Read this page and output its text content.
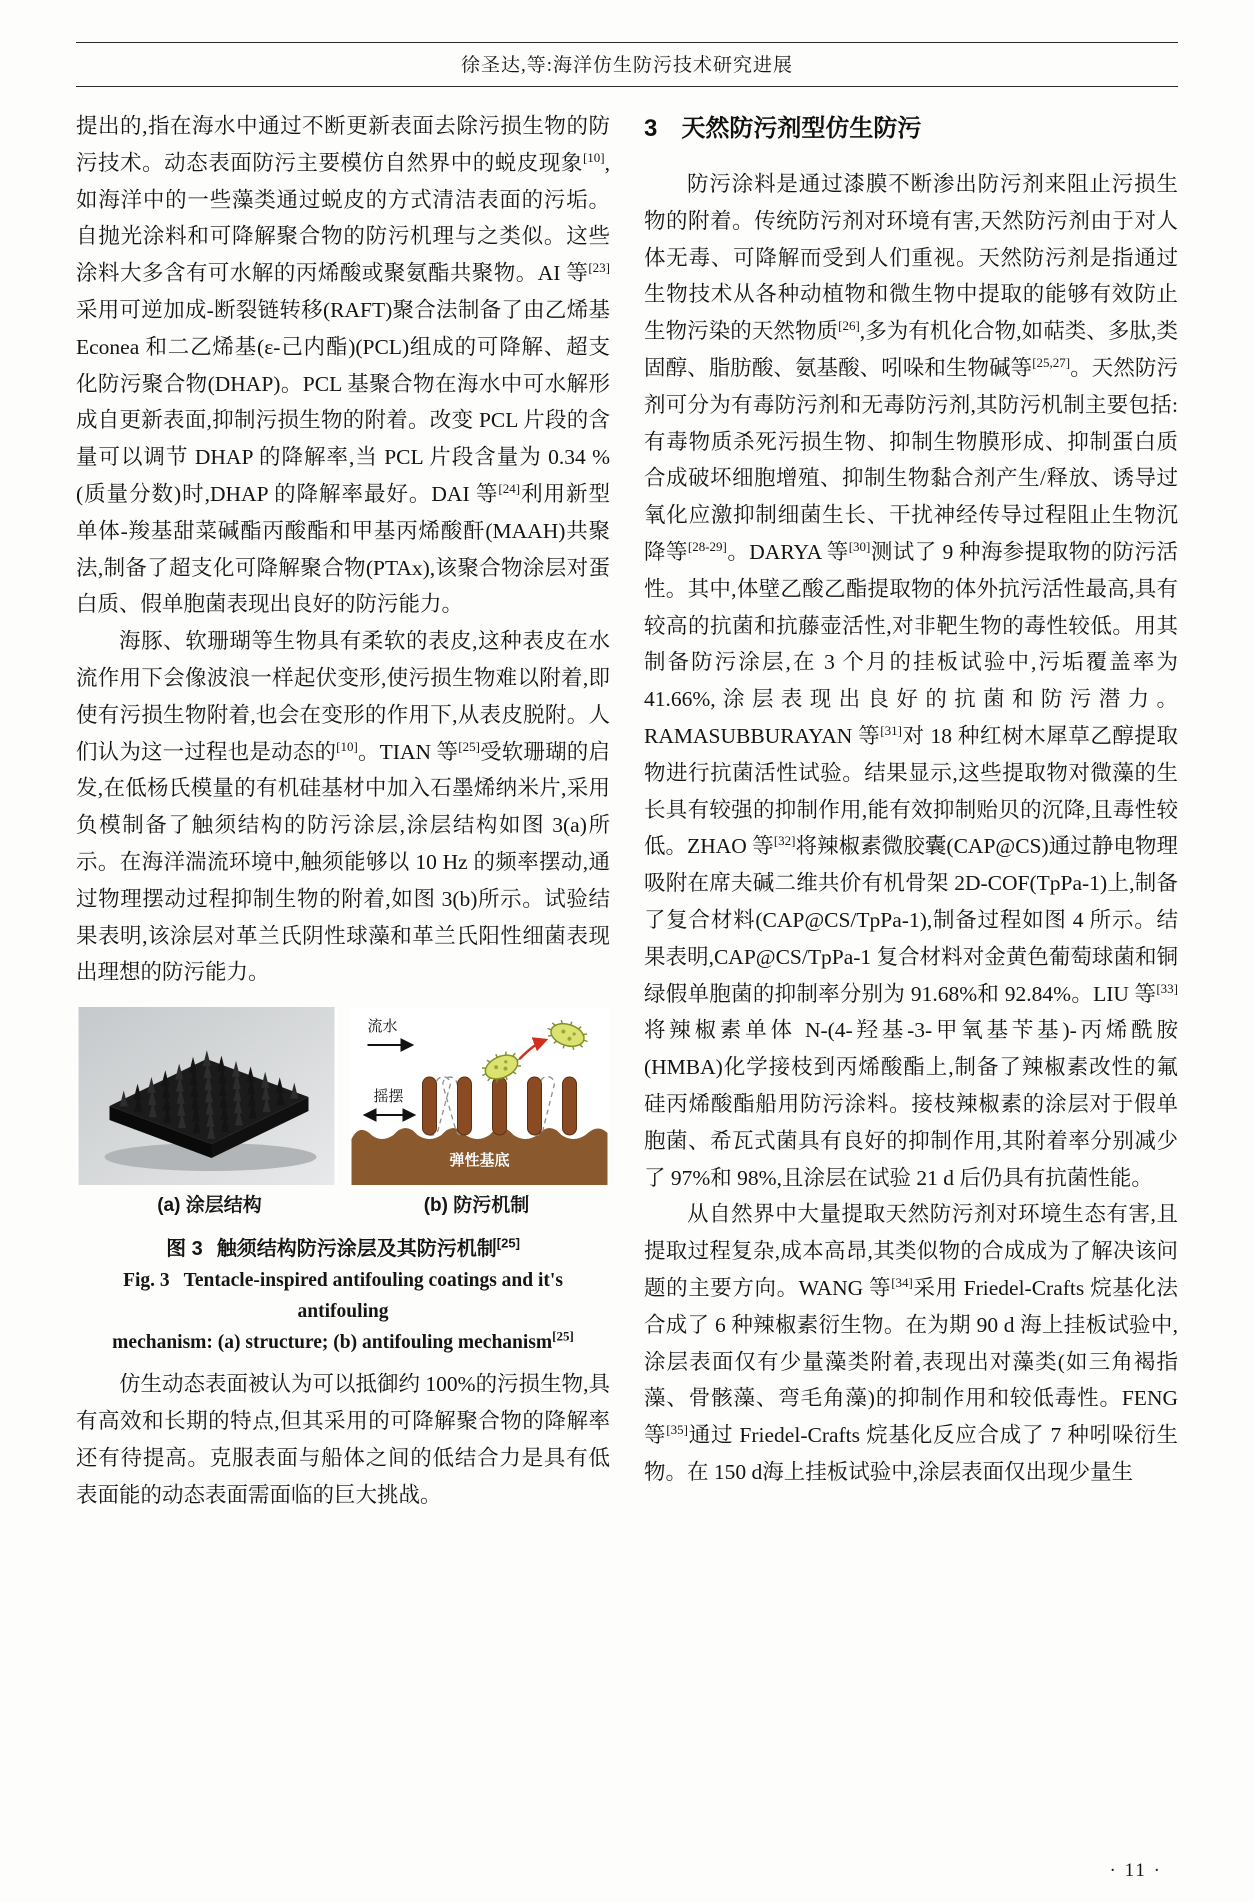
徐圣达,等:海洋仿生防污技术研究进展

提出的,指在海水中通过不断更新表面去除污损生物的防污技术。动态表面防污主要模仿自然界中的蜕皮现象[10],如海洋中的一些藻类通过蜕皮的方式清洁表面的污垢。自抛光涂料和可降解聚合物的防污机理与之类似。这些涂料大多含有可水解的丙烯酸或聚氨酯共聚物。AI 等[23]采用可逆加成-断裂链转移(RAFT)聚合法制备了由乙烯基 Econea 和二乙烯基(ε-己内酯)(PCL)组成的可降解、超支化防污聚合物(DHAP)。PCL 基聚合物在海水中可水解形成自更新表面,抑制污损生物的附着。改变 PCL 片段的含量可以调节 DHAP 的降解率,当 PCL 片段含量为 0.34 %(质量分数)时,DHAP 的降解率最好。DAI 等[24]利用新型单体-羧基甜菜碱酯丙酸酯和甲基丙烯酸酐(MAAH)共聚法,制备了超支化可降解聚合物(PTAx),该聚合物涂层对蛋白质、假单胞菌表现出良好的防污能力。

海豚、软珊瑚等生物具有柔软的表皮,这种表皮在水流作用下会像波浪一样起伏变形,使污损生物难以附着,即使有污损生物附着,也会在变形的作用下,从表皮脱附。人们认为这一过程也是动态的[10]。TIAN 等[25]受软珊瑚的启发,在低杨氏模量的有机硅基材中加入石墨烯纳米片,采用负模制备了触须结构的防污涂层,涂层结构如图 3(a)所示。在海洋湍流环境中,触须能够以 10 Hz 的频率摆动,通过物理摆动过程抑制生物的附着,如图 3(b)所示。试验结果表明,该涂层对革兰氏阴性球藻和革兰氏阳性细菌表现出理想的防污能力。

流水
摇摆
弹性基底
(a) 涂层结构	(b) 防污机制
图 3 触须结构防污涂层及其防污机制[25]
Fig. 3 Tentacle-inspired antifouling coatings and it's antifouling
mechanism: (a) structure; (b) antifouling mechanism[25]

仿生动态表面被认为可以抵御约 100%的污损生物,具有高效和长期的特点,但其采用的可降解聚合物的降解率还有待提高。克服表面与船体之间的低结合力是具有低表面能的动态表面需面临的巨大挑战。

3 天然防污剂型仿生防污

防污涂料是通过漆膜不断渗出防污剂来阻止污损生物的附着。传统防污剂对环境有害,天然防污剂由于对人体无毒、可降解而受到人们重视。天然防污剂是指通过生物技术从各种动植物和微生物中提取的能够有效防止生物污染的天然物质[26],多为有机化合物,如萜类、多肽,类固醇、脂肪酸、氨基酸、吲哚和生物碱等[25,27]。天然防污剂可分为有毒防污剂和无毒防污剂,其防污机制主要包括:有毒物质杀死污损生物、抑制生物膜形成、抑制蛋白质合成破坏细胞增殖、抑制生物黏合剂产生/释放、诱导过氧化应激抑制细菌生长、干扰神经传导过程阻止生物沉降等[28-29]。DARYA 等[30]测试了 9 种海参提取物的防污活性。其中,体壁乙酸乙酯提取物的体外抗污活性最高,具有较高的抗菌和抗藤壶活性,对非靶生物的毒性较低。用其制备防污涂层,在 3 个月的挂板试验中,污垢覆盖率为 41.66%,涂层表现出良好的抗菌和防污潜力。RAMASUBBURAYAN 等[31]对 18 种红树木犀草乙醇提取物进行抗菌活性试验。结果显示,这些提取物对微藻的生长具有较强的抑制作用,能有效抑制贻贝的沉降,且毒性较低。ZHAO 等[32]将辣椒素微胶囊(CAP@CS)通过静电物理吸附在席夫碱二维共价有机骨架 2D-COF(TpPa-1)上,制备了复合材料(CAP@CS/TpPa-1),制备过程如图 4 所示。结果表明,CAP@CS/TpPa-1 复合材料对金黄色葡萄球菌和铜绿假单胞菌的抑制率分别为 91.68%和 92.84%。LIU 等[33]将辣椒素单体 N-(4-羟基-3-甲氧基苄基)-丙烯酰胺(HMBA)化学接枝到丙烯酸酯上,制备了辣椒素改性的氟硅丙烯酸酯船用防污涂料。接枝辣椒素的涂层对于假单胞菌、希瓦式菌具有良好的抑制作用,其附着率分别减少了 97%和 98%,且涂层在试验 21 d 后仍具有抗菌性能。

从自然界中大量提取天然防污剂对环境生态有害,且提取过程复杂,成本高昂,其类似物的合成成为了解决该问题的主要方向。WANG 等[34]采用 Friedel-Crafts 烷基化法合成了 6 种辣椒素衍生物。在为期 90 d 海上挂板试验中,涂层表面仅有少量藻类附着,表现出对藻类(如三角褐指藻、骨骸藻、弯毛角藻)的抑制作用和较低毒性。FENG 等[35]通过 Friedel-Crafts 烷基化反应合成了 7 种吲哚衍生物。在 150 d海上挂板试验中,涂层表面仅出现少量生

· 11 ·
